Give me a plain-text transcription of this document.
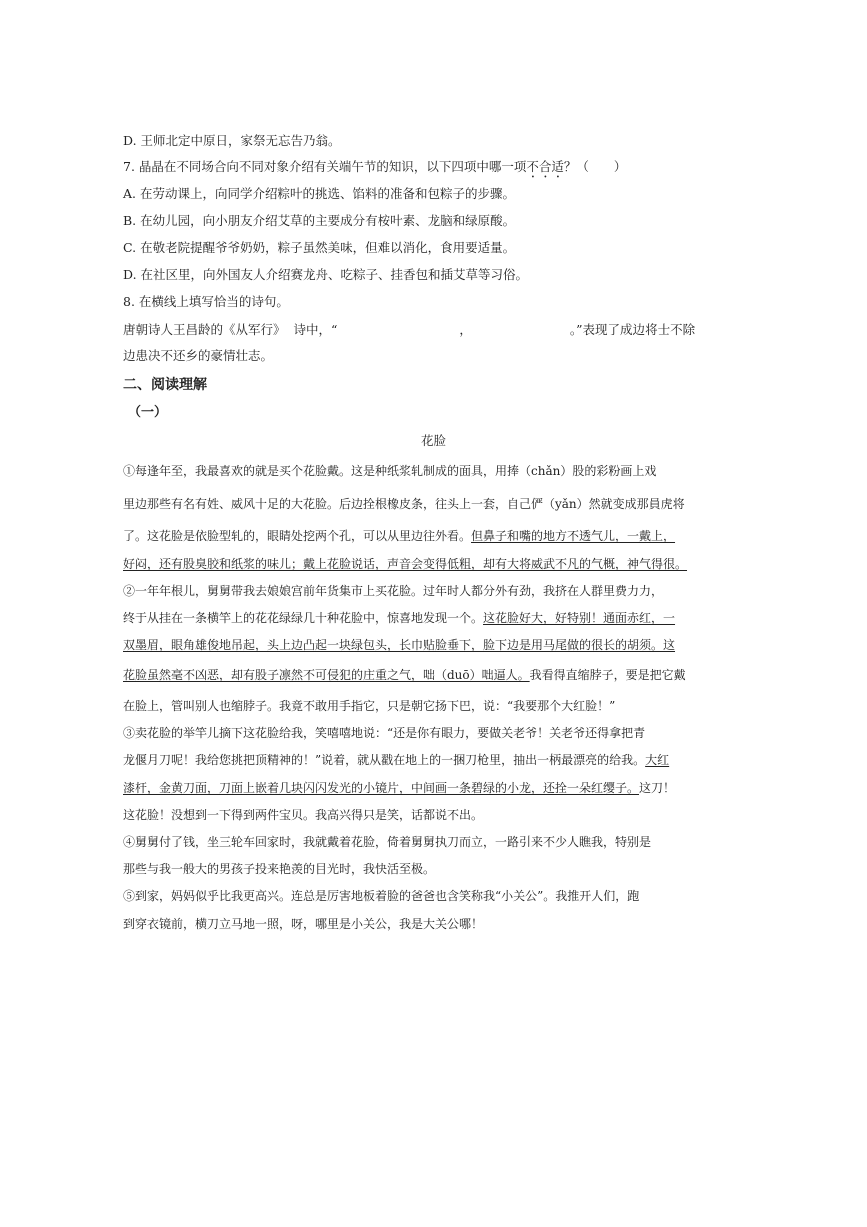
D. 王师北定中原日，家祭无忘告乃翁。
7. 晶晶在不同场合向不同对象介绍有关端午节的知识，以下四项中哪一项不合适？（　　）
A. 在劳动课上，向同学介绍粽叶的挑选、馅料的准备和包粽子的步骤。
B. 在幼儿园，向小朋友介绍艾草的主要成分有桉叶素、龙脑和绿原酸。
C. 在敬老院提醒爷爷奶奶，粽子虽然美味，但难以消化，食用要适量。
D. 在社区里，向外国友人介绍赛龙舟、吃粽子、挂香包和插艾草等习俗。
8. 在横线上填写恰当的诗句。
唐朝诗人王昌龄的《从军行》 诗中，“	，	。”表现了成边将士不除
边患决不还乡的豪情壮志。
二、阅读理解
（一）
花脸
①每逢年至，我最喜欢的就是买个花脸戴。这是种纸浆轧制成的面具，用捧（chǎn）股的彩粉画上戏
里边那些有名有姓、威风十足的大花脸。后边拴根橡皮条，往头上一套，自己俨（yǎn）然就变成那員虎将
了。这花脸是依脸型轧的，眼睛处挖两个孔，可以从里边往外看。但鼻子和嘴的地方不透气儿，一戴上，
好闷，还有股臭胶和纸浆的味儿；戴上花脸说话，声音会变得低粗，却有大将威武不凡的气概，神气得很。
②一年年根儿，舅舅带我去娘娘宫前年货集市上买花脸。过年时人都分外有劲，我挤在人群里费力力，
终于从挂在一条横竿上的花花绿绿几十种花脸中，惊喜地发现一个。这花脸好大，好特别！通面赤红，一
双墨眉，眼角雄俊地吊起，头上边凸起一块绿包头，长巾贴脸垂下，脸下边是用马尾做的很长的胡须。这
花脸虽然毫不凶恶，却有股子凛然不可侵犯的庄重之气，咄（duō）咄逼人。我看得直缩脖子，要是把它戴
在脸上，管叫别人也缩脖子。我竟不敢用手指它，只是朝它扬下巴，说：“我要那个大红脸！”
③卖花脸的举竿儿摘下这花脸给我，笑嘻嘻地说：“还是你有眼力，要做关老爷！关老爷还得拿把青
龙偃月刀呢！我给您挑把顶精神的！”说着，就从戳在地上的一捆刀枪里，抽出一柄最漂亮的给我。大红
漆杆，金黄刀面，刀面上嵌着几块闪闪发光的小镜片，中间画一条碧绿的小龙，还拴一朵红缨子。这刀！
这花脸！没想到一下得到两件宝贝。我高兴得只是笑，话都说不出。
④舅舅付了钱，坐三轮车回家时，我就戴着花脸，倚着舅舅执刀而立，一路引来不少人瞧我，特别是
那些与我一般大的男孩子投来艳羡的目光时，我快活至极。
⑤到家，妈妈似乎比我更高兴。连总是厉害地板着脸的爸爸也含笑称我“小关公”。我推开人们，跑
到穿衣镜前，横刀立马地一照，呀，哪里是小关公，我是大关公哪！
